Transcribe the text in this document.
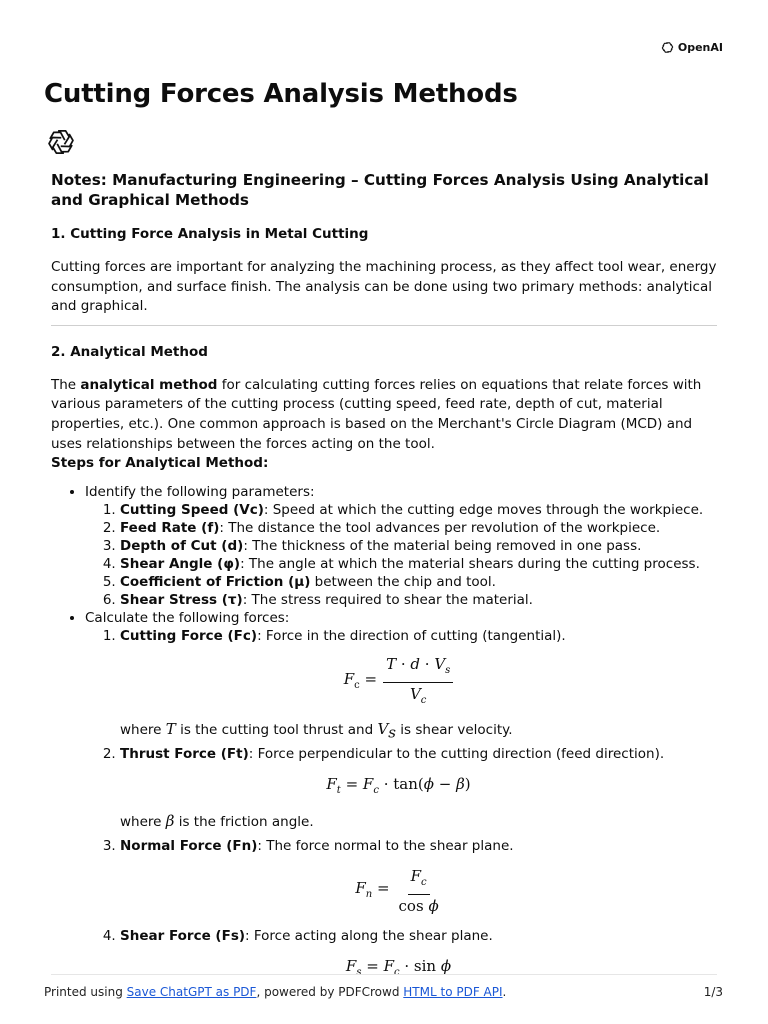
OpenAI
Cutting Forces Analysis Methods
Notes: Manufacturing Engineering – Cutting Forces Analysis Using Analytical and Graphical Methods
1. Cutting Force Analysis in Metal Cutting

Cutting forces are important for analyzing the machining process, as they affect tool wear, energy consumption, and surface finish. The analysis can be done using two primary methods: analytical and graphical.

2. Analytical Method

The analytical method for calculating cutting forces relies on equations that relate forces with various parameters of the cutting process (cutting speed, feed rate, depth of cut, material properties, etc.). One common approach is based on the Merchant's Circle Diagram (MCD) and uses relationships between the forces acting on the tool.

Steps for Analytical Method:

• Identify the following parameters:
1. Cutting Speed (Vc): Speed at which the cutting edge moves through the workpiece.
2. Feed Rate (f): The distance the tool advances per revolution of the workpiece.
3. Depth of Cut (d): The thickness of the material being removed in one pass.
4. Shear Angle (φ): The angle at which the material shears during the cutting process.
5. Coefficient of Friction (μ) between the chip and tool.
6. Shear Stress (τ): The stress required to shear the material.
• Calculate the following forces:
1. Cutting Force (Fc): Force in the direction of cutting (tangential).
$F_c = \frac{T \cdot d \cdot V_s}{V_c}$
where T is the cutting tool thrust and $V_s$ is shear velocity.
2. Thrust Force (Ft): Force perpendicular to the cutting direction (feed direction).
$F_t = F_c \cdot \tan(\phi - \beta)$
where β is the friction angle.
3. Normal Force (Fn): The force normal to the shear plane.
$F_n = \frac{F_c}{\text{cos ϕ}}$
4. Shear Force (Fs): Force acting along the shear plane.
$F_s = F_c \cdot \sin \phi$
Printed using Save ChatGPT as PDF, powered by PDFCrowd HTML to PDF API.	1/3
